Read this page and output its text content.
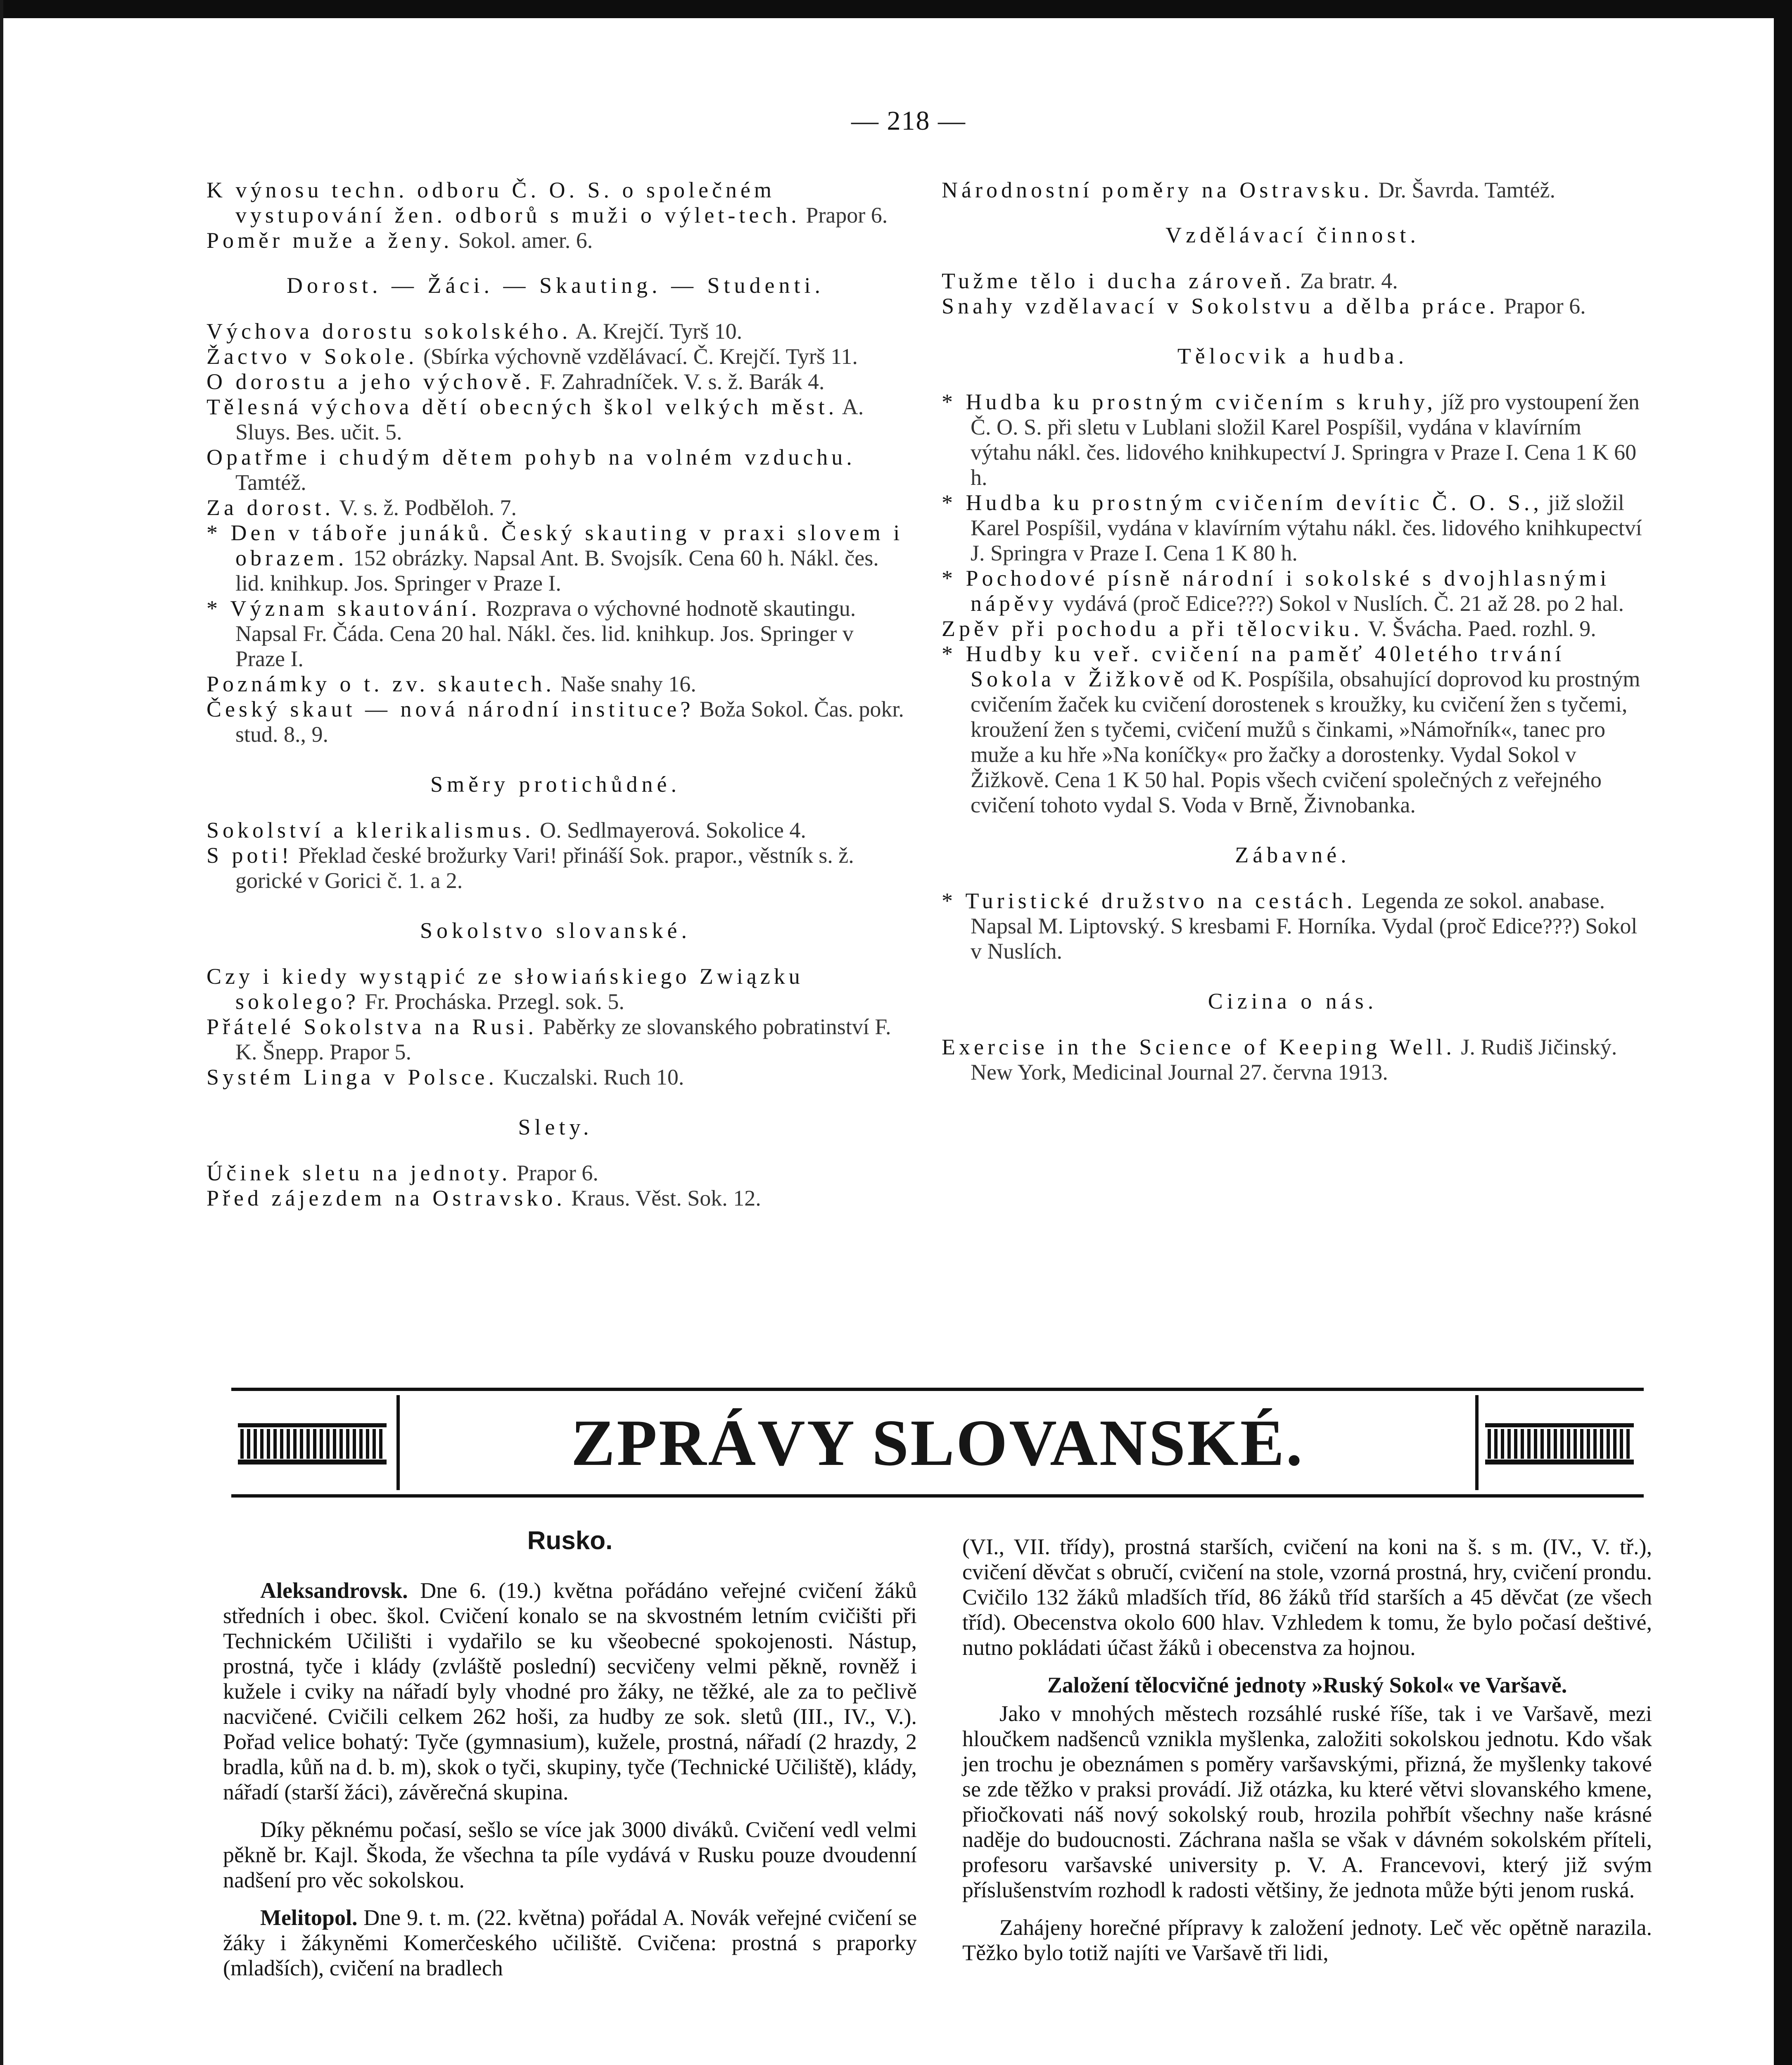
— 218 —

K výnosu techn. odboru Č. O. S. o společném vystupování žen. odborů s muži o výlet-tech. Prapor 6.

Poměr muže a ženy. Sokol. amer. 6.

Dorost. — Žáci. — Skauting. — Studenti.

Výchova dorostu sokolského. A. Krejčí. Tyrš 10.

Žactvo v Sokole. (Sbírka výchovně vzdělávací. Č. Krejčí. Tyrš 11.

O dorostu a jeho výchově. F. Zahradníček. V. s. ž. Barák 4.

Tělesná výchova dětí obecných škol velkých měst. A. Sluys. Bes. učit. 5.

Opatřme i chudým dětem pohyb na volném vzduchu. Tamtéž.

Za dorost. V. s. ž. Podběloh. 7.

* Den v táboře junáků. Český skauting v praxi slovem i obrazem. 152 obrázky. Napsal Ant. B. Svojsík. Cena 60 h. Nákl. čes. lid. knihkup. Jos. Springer v Praze I.

* Význam skautování. Rozprava o výchovné hodnotě skautingu. Napsal Fr. Čáda. Cena 20 hal. Nákl. čes. lid. knihkup. Jos. Springer v Praze I.

Poznámky o t. zv. skautech. Naše snahy 16.

Český skaut — nová národní instituce? Boža Sokol. Čas. pokr. stud. 8., 9.

Směry protichůdné.

Sokolství a klerikalismus. O. Sedlmayerová. Sokolice 4.

S poti! Překlad české brožurky Vari! přináší Sok. prapor., věstník s. ž. gorické v Gorici č. 1. a 2.

Sokolstvo slovanské.

Czy i kiedy wystąpić ze słowiańskiego Związku sokolego? Fr. Procháska. Przegl. sok. 5.

Přátelé Sokolstva na Rusi. Paběrky ze slovanského pobratinství F. K. Šnepp. Prapor 5.

Systém Linga v Polsce. Kuczalski. Ruch 10.

Slety.

Účinek sletu na jednoty. Prapor 6.

Před zájezdem na Ostravsko. Kraus. Věst. Sok. 12.

Národnostní poměry na Ostravsku. Dr. Šavrda. Tamtéž.

Vzdělávací činnost.

Tužme tělo i ducha zároveň. Za bratr. 4.

Snahy vzdělavací v Sokolstvu a dělba práce. Prapor 6.

Tělocvik a hudba.

* Hudba ku prostným cvičením s kruhy, jíž pro vystoupení žen Č. O. S. při sletu v Lublani složil Karel Pospíšil, vydána v klavírním výtahu nákl. čes. lidového knihkupectví J. Springra v Praze I. Cena 1 K 60 h.

* Hudba ku prostným cvičením devític Č. O. S., již složil Karel Pospíšil, vydána v klavírním výtahu nákl. čes. lidového knihkupectví J. Springra v Praze I. Cena 1 K 80 h.

* Pochodové písně národní i sokolské s dvojhlasnými nápěvy vydává (proč Edice???) Sokol v Nuslích. Č. 21 až 28. po 2 hal.

Zpěv při pochodu a při tělocviku. V. Švácha. Paed. rozhl. 9.

* Hudby ku veř. cvičení na paměť 40letého trvání Sokola v Žižkově od K. Pospíšila, obsahující doprovod ku prostným cvičením žaček ku cvičení dorostenek s kroužky, ku cvičení žen s tyčemi, kroužení žen s tyčemi, cvičení mužů s činkami, »Námořník«, tanec pro muže a ku hře »Na koníčky« pro žačky a dorostenky. Vydal Sokol v Žižkově. Cena 1 K 50 hal. Popis všech cvičení společných z veřejného cvičení tohoto vydal S. Voda v Brně, Živnobanka.

Zábavné.

* Turistické družstvo na cestách. Legenda ze sokol. anabase. Napsal M. Liptovský. S kresbami F. Horníka. Vydal (proč Edice???) Sokol v Nuslích.

Cizina o nás.

Exercise in the Science of Keeping Well. J. Rudiš Jičinský. New York, Medicinal Journal 27. června 1913.

ZPRÁVY SLOVANSKÉ.
Rusko.

Aleksandrovsk. Dne 6. (19.) května pořádáno veřejné cvičení žáků středních i obec. škol. Cvičení konalo se na skvostném letním cvičišti při Technickém Učilišti i vydařilo se ku všeobecné spokojenosti. Nástup, prostná, tyče i klády (zvláště poslední) secvičeny velmi pěkně, rovněž i kužele i cviky na nářadí byly vhodné pro žáky, ne těžké, ale za to pečlivě nacvičené. Cvičili celkem 262 hoši, za hudby ze sok. sletů (III., IV., V.). Pořad velice bohatý: Tyče (gymnasium), kužele, prostná, nářadí (2 hrazdy, 2 bradla, kůň na d. b. m), skok o tyči, skupiny, tyče (Technické Učiliště), klády, nářadí (starší žáci), závěrečná skupina.

Díky pěknému počasí, sešlo se více jak 3000 diváků. Cvičení vedl velmi pěkně br. Kajl. Škoda, že všechna ta píle vydává v Rusku pouze dvoudenní nadšení pro věc sokolskou.

Melitopol. Dne 9. t. m. (22. května) pořádal A. Novák veřejné cvičení se žáky i žákyněmi Komerčeského učiliště. Cvičena: prostná s praporky (mladších), cvičení na bradlech

(VI., VII. třídy), prostná starších, cvičení na koni na š. s m. (IV., V. tř.), cvičení děvčat s obručí, cvičení na stole, vzorná prostná, hry, cvičení prondu. Cvičilo 132 žáků mladších tříd, 86 žáků tříd starších a 45 děvčat (ze všech tříd). Obecenstva okolo 600 hlav. Vzhledem k tomu, že bylo počasí deštivé, nutno pokládati účast žáků i obecenstva za hojnou.

Založení tělocvičné jednoty »Ruský Sokol« ve Varšavě.

Jako v mnohých městech rozsáhlé ruské říše, tak i ve Varšavě, mezi hloučkem nadšenců vznikla myšlenka, založiti sokolskou jednotu. Kdo však jen trochu je obeznámen s poměry varšavskými, přizná, že myšlenky takové se zde těžko v praksi provádí. Již otázka, ku které větvi slovanského kmene, přiočkovati náš nový sokolský roub, hrozila pohřbít všechny naše krásné naděje do budoucnosti. Záchrana našla se však v dávném sokolském příteli, profesoru varšavské university p. V. A. Francevovi, který již svým příslušenstvím rozhodl k radosti většiny, že jednota může býti jenom ruská.

Zahájeny horečné přípravy k založení jednoty. Leč věc opětně narazila. Těžko bylo totiž najíti ve Varšavě tři lidi,
